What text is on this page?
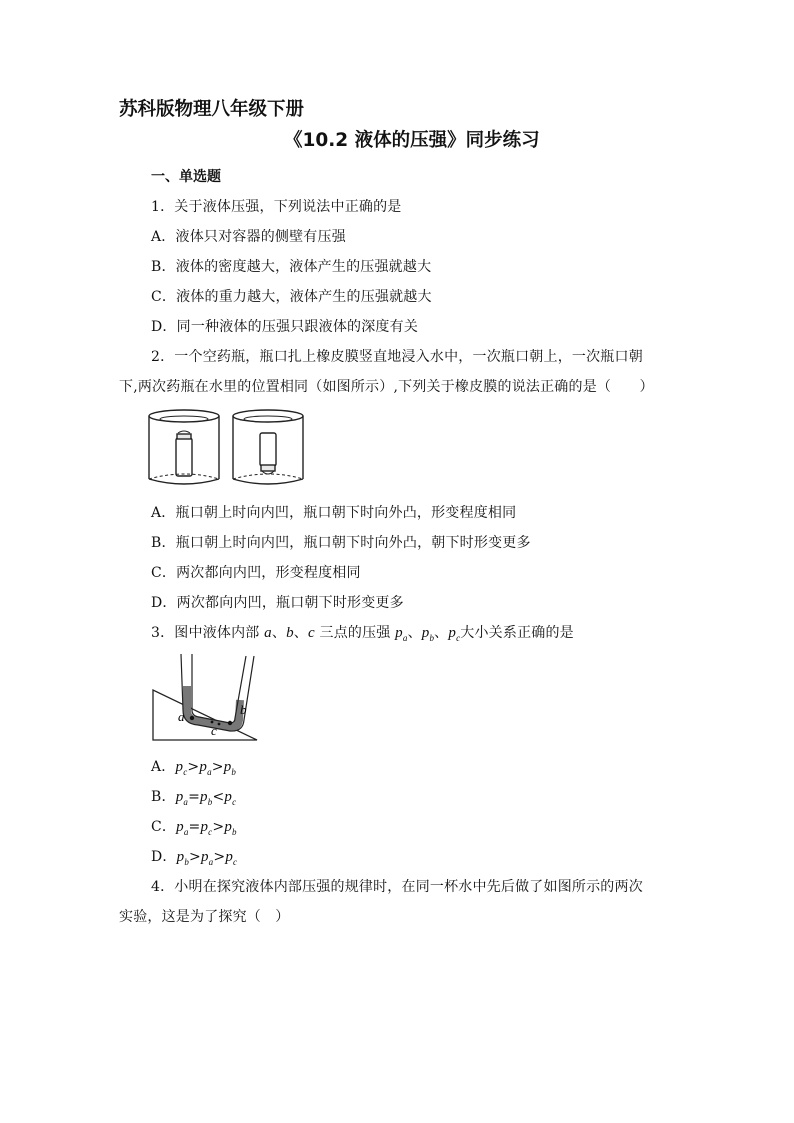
苏科版物理八年级下册
《10.2 液体的压强》同步练习
一、单选题
1．关于液体压强，下列说法中正确的是
A．液体只对容器的侧壁有压强
B．液体的密度越大，液体产生的压强就越大
C．液体的重力越大，液体产生的压强就越大
D．同一种液体的压强只跟液体的深度有关
2．一个空药瓶，瓶口扎上橡皮膜竖直地浸入水中，一次瓶口朝上，一次瓶口朝
下,两次药瓶在水里的位置相同（如图所示）,下列关于橡皮膜的说法正确的是（　　）
A．瓶口朝上时向内凹，瓶口朝下时向外凸，形变程度相同
B．瓶口朝上时向内凹，瓶口朝下时向外凸，朝下时形变更多
C．两次都向内凹，形变程度相同
D．两次都向内凹，瓶口朝下时形变更多
3．图中液体内部 a、b、c 三点的压强 $p_a$、$p_b$、$p_c$大小关系正确的是
a	b
c
A．$p_c>p_a>p_b$
B．$p_a=p_b<p_c$
C．$p_a=p_c>p_b$
D．$p_b>p_a>p_c$
4．小明在探究液体内部压强的规律时，在同一杯水中先后做了如图所示的两次
实验，这是为了探究（　）
